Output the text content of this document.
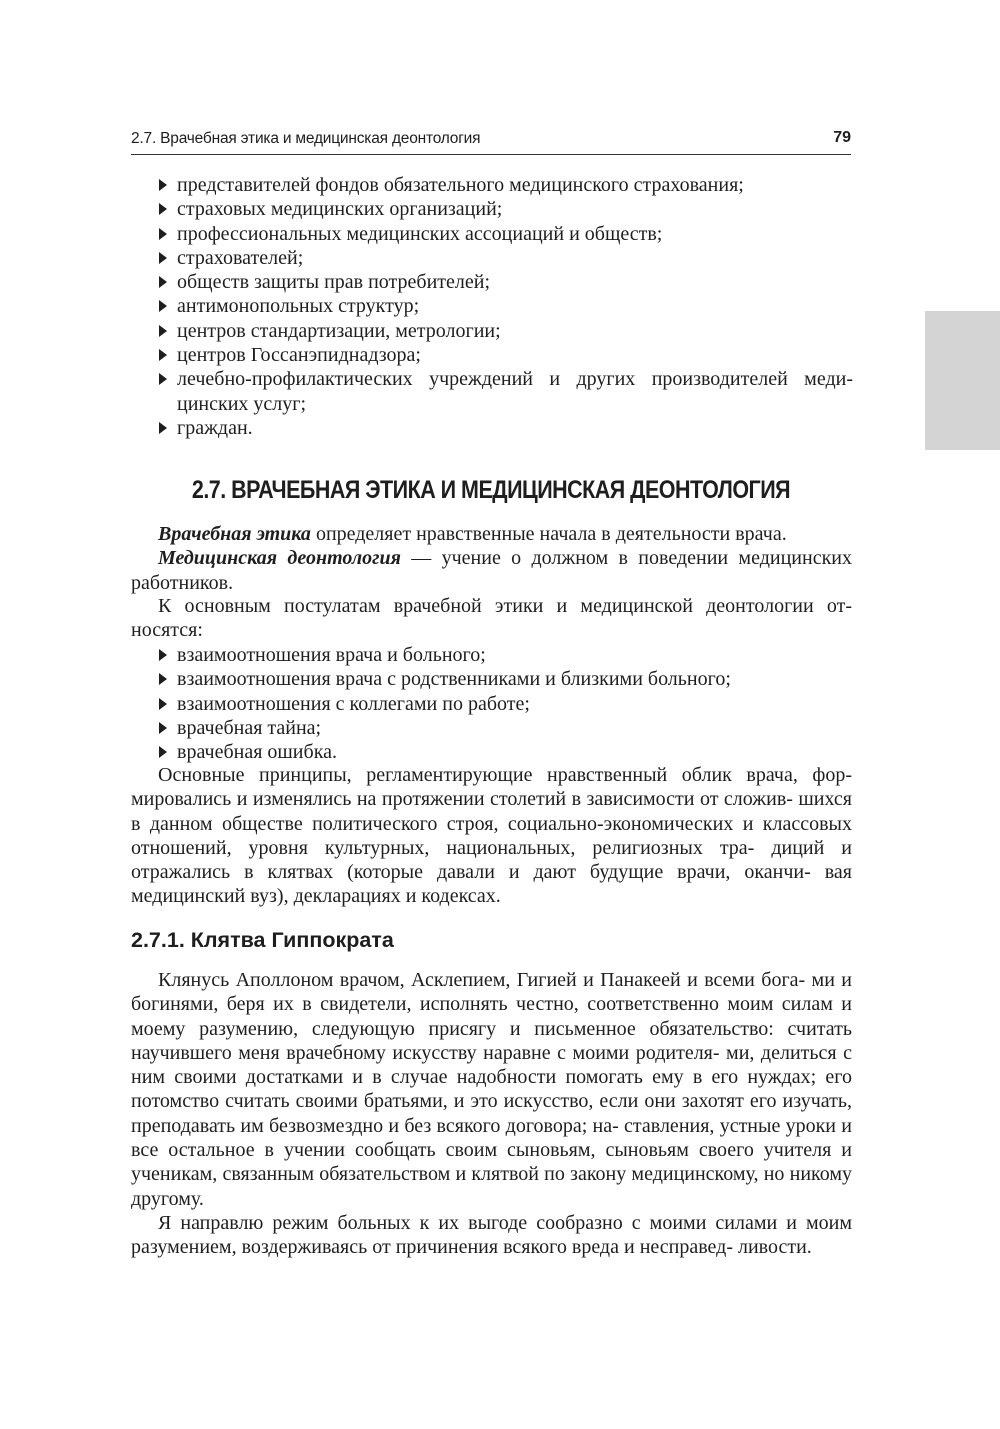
2.7. Врачебная этика и медицинская деонтология	79
представителей фондов обязательного медицинского страхования;
страховых медицинских организаций;
профессиональных медицинских ассоциаций и обществ;
страхователей;
обществ защиты прав потребителей;
антимонопольных структур;
центров стандартизации, метрологии;
центров Госсанэпиднадзора;
лечебно-профилактических учреждений и других производителей меди- цинских услуг;
граждан.
2.7. ВРАЧЕБНАЯ ЭТИКА И МЕДИЦИНСКАЯ ДЕОНТОЛОГИЯ

Врачебная этика определяет нравственные начала в деятельности врача.

Медицинская деонтология — учение о должном в поведении медицинских работников.

К основным постулатам врачебной этики и медицинской деонтологии от- носятся:

взаимоотношения врача и больного;
взаимоотношения врача с родственниками и близкими больного;
взаимоотношения с коллегами по работе;
врачебная тайна;
врачебная ошибка.

Основные принципы, регламентирующие нравственный облик врача, фор- мировались и изменялись на протяжении столетий в зависимости от сложив- шихся в данном обществе политического строя, социально-экономических и классовых отношений, уровня культурных, национальных, религиозных тра- диций и отражались в клятвах (которые давали и дают будущие врачи, оканчи- вая медицинский вуз), декларациях и кодексах.

2.7.1. Клятва Гиппократа

Клянусь Аполлоном врачом, Асклепием, Гигией и Панакеей и всеми бога- ми и богинями, беря их в свидетели, исполнять честно, соответственно моим силам и моему разумению, следующую присягу и письменное обязательство: считать научившего меня врачебному искусству наравне с моими родителя- ми, делиться с ним своими достатками и в случае надобности помогать ему в его нуждах; его потомство считать своими братьями, и это искусство, если они захотят его изучать, преподавать им безвозмездно и без всякого договора; на- ставления, устные уроки и все остальное в учении сообщать своим сыновьям, сыновьям своего учителя и ученикам, связанным обязательством и клятвой по закону медицинскому, но никому другому.

Я направлю режим больных к их выгоде сообразно с моими силами и моим разумением, воздерживаясь от причинения всякого вреда и несправед- ливости.
